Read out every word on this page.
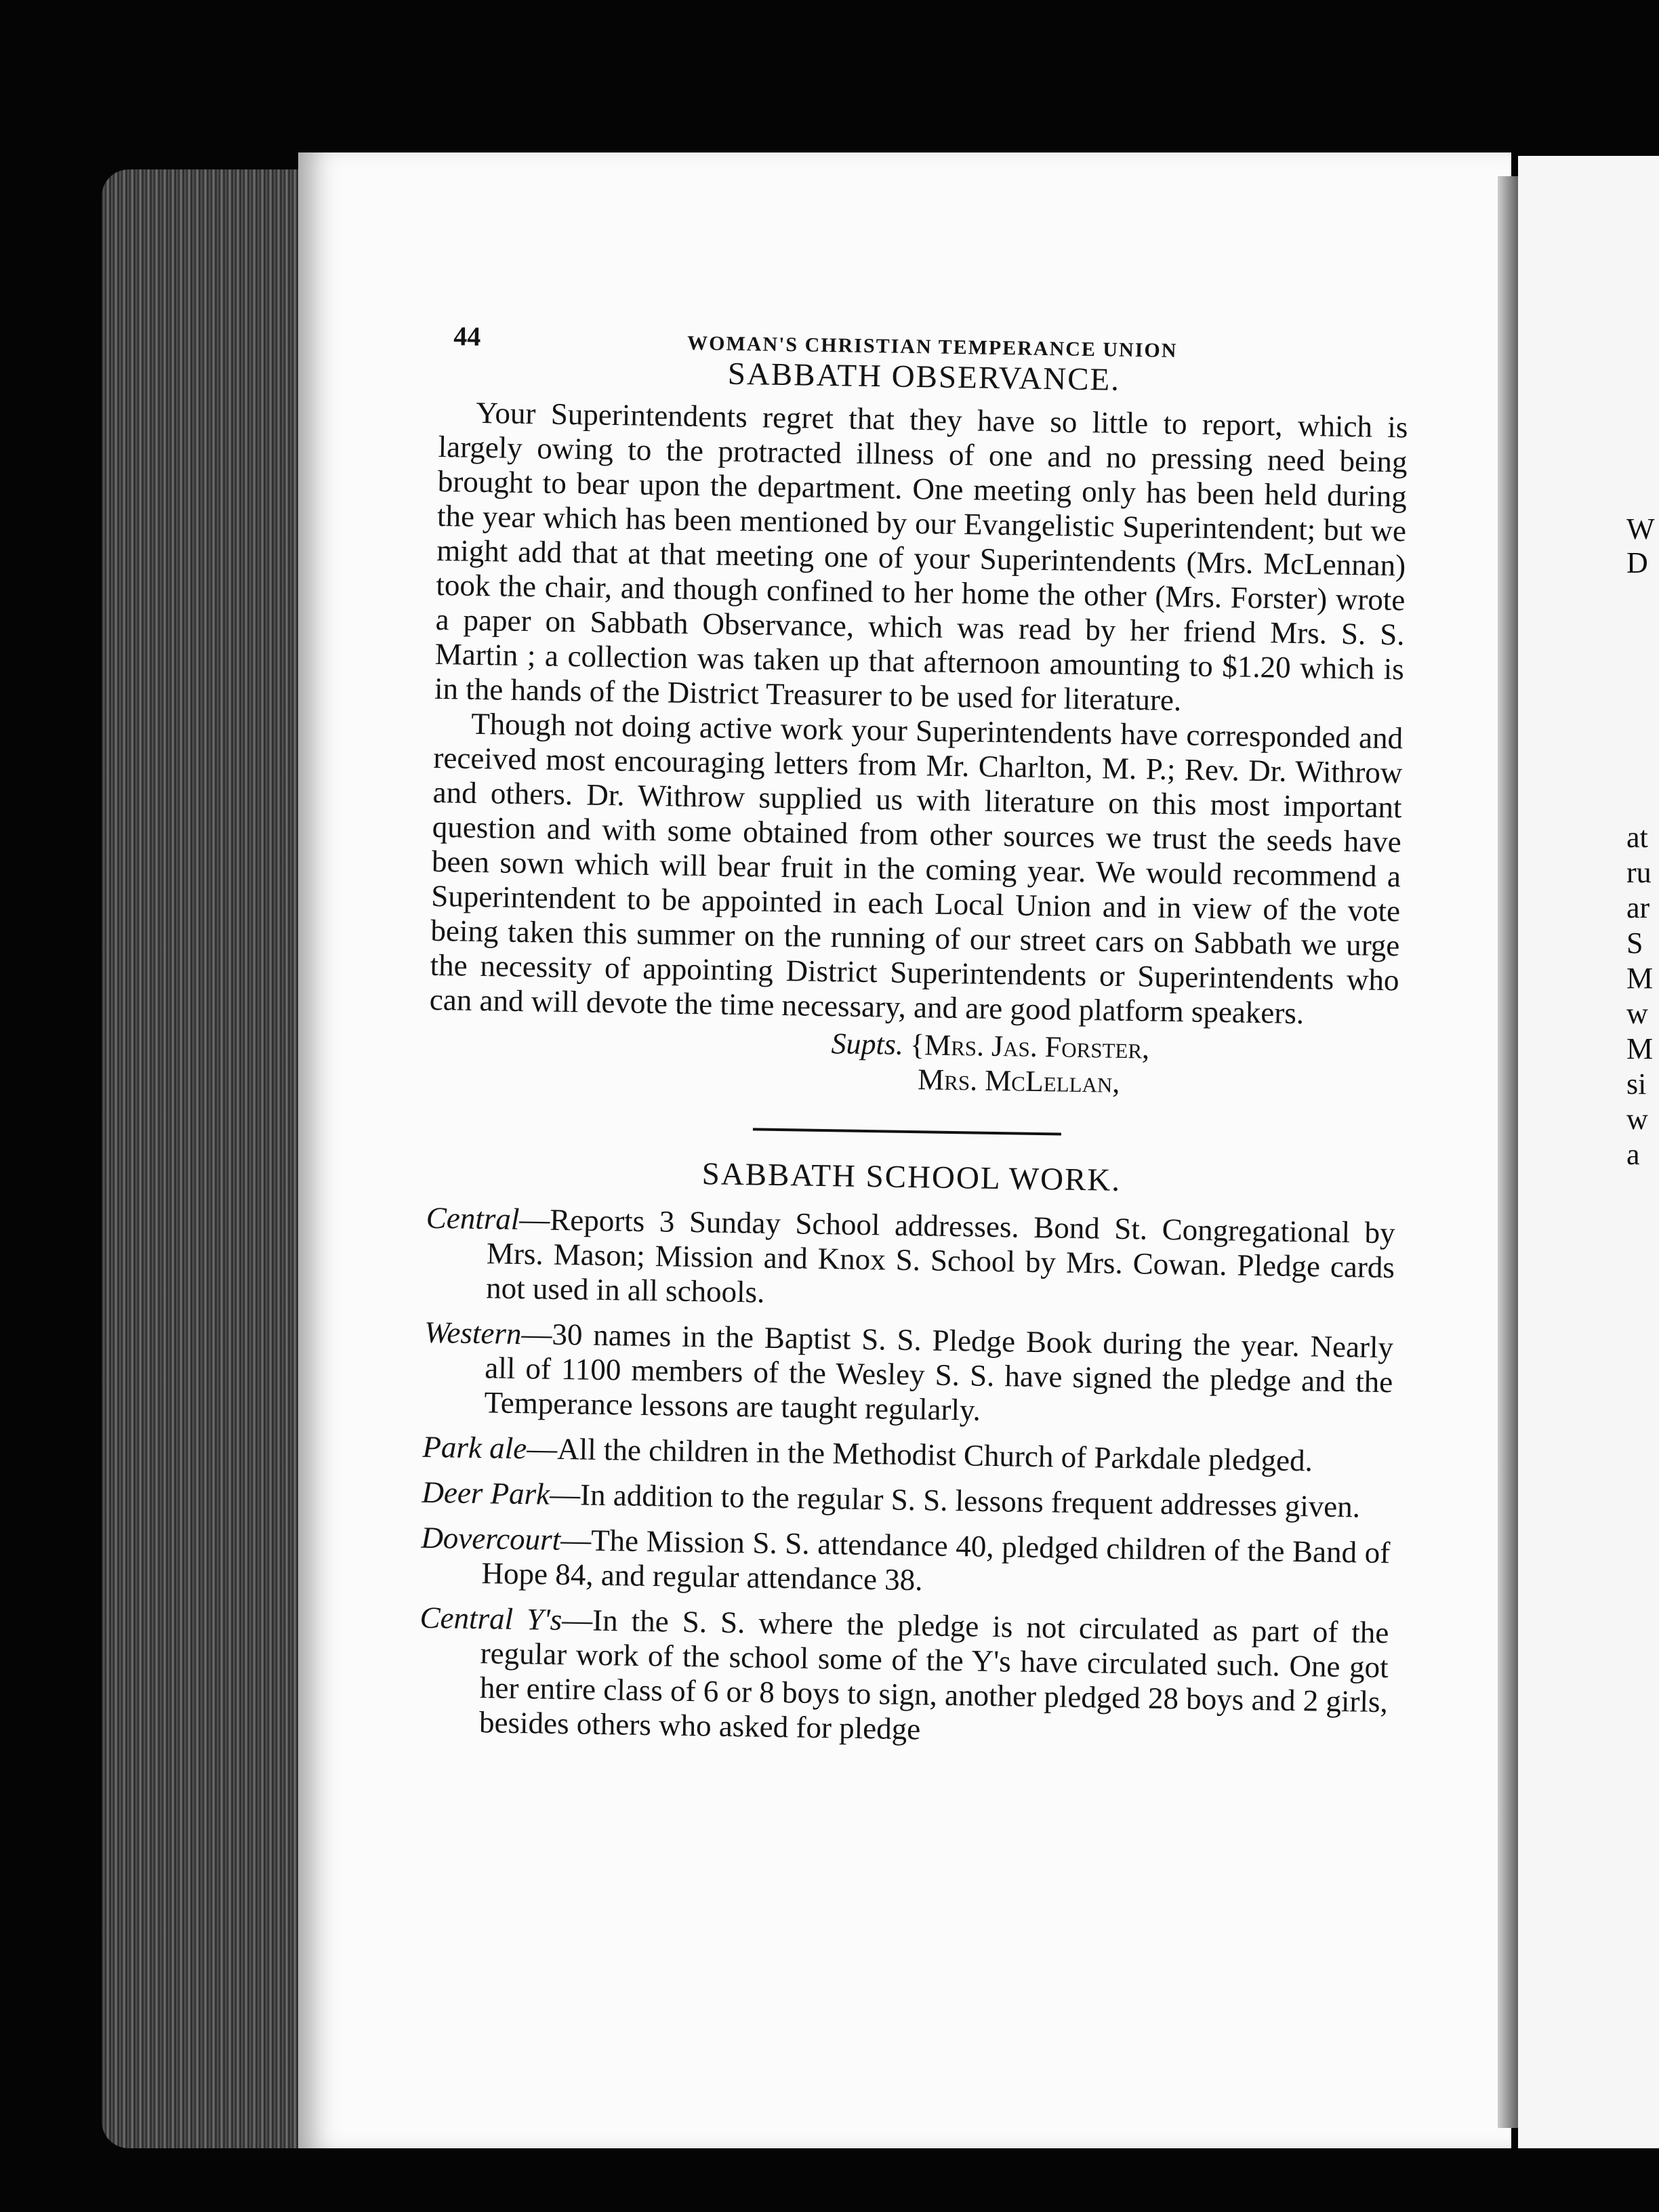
W
D
at
ru
ar
S
M
w
M
si
w
a
44	WOMAN'S CHRISTIAN TEMPERANCE UNION
SABBATH OBSERVANCE.

Your Superintendents regret that they have so little to report, which is largely owing to the protracted illness of one and no pressing need being brought to bear upon the department. One meeting only has been held during the year which has been mentioned by our Evangelistic Superintendent; but we might add that at that meeting one of your Superintendents (Mrs. McLennan) took the chair, and though confined to her home the other (Mrs. Forster) wrote a paper on Sabbath Observance, which was read by her friend Mrs. S. S. Martin ; a collection was taken up that afternoon amounting to $1.20 which is in the hands of the District Treasurer to be used for literature.

Though not doing active work your Superintendents have corresponded and received most encouraging letters from Mr. Charlton, M. P.; Rev. Dr. Withrow and others. Dr. Withrow supplied us with literature on this most important question and with some obtained from other sources we trust the seeds have been sown which will bear fruit in the coming year. We would recommend a Superintendent to be appointed in each Local Union and in view of the vote being taken this summer on the running of our street cars on Sabbath we urge the necessity of appointing District Superintendents or Superintendents who can and will devote the time necessary, and are good platform speakers.

Supts. {Mrs. Jas. Forster,
Mrs. McLellan,
SABBATH SCHOOL WORK.
Central—Reports 3 Sunday School addresses. Bond St. Congregational by Mrs. Mason; Mission and Knox S. School by Mrs. Cowan. Pledge cards not used in all schools.
Western—30 names in the Baptist S. S. Pledge Book during the year. Nearly all of 1100 members of the Wesley S. S. have signed the pledge and the Temperance lessons are taught regularly.
Park ale—All the children in the Methodist Church of Parkdale pledged.
Deer Park—In addition to the regular S. S. lessons frequent addresses given.
Dovercourt—The Mission S. S. attendance 40, pledged children of the Band of Hope 84, and regular attendance 38.
Central Y's—In the S. S. where the pledge is not circulated as part of the regular work of the school some of the Y's have circulated such. One got her entire class of 6 or 8 boys to sign, another pledged 28 boys and 2 girls, besides others who asked for pledge
